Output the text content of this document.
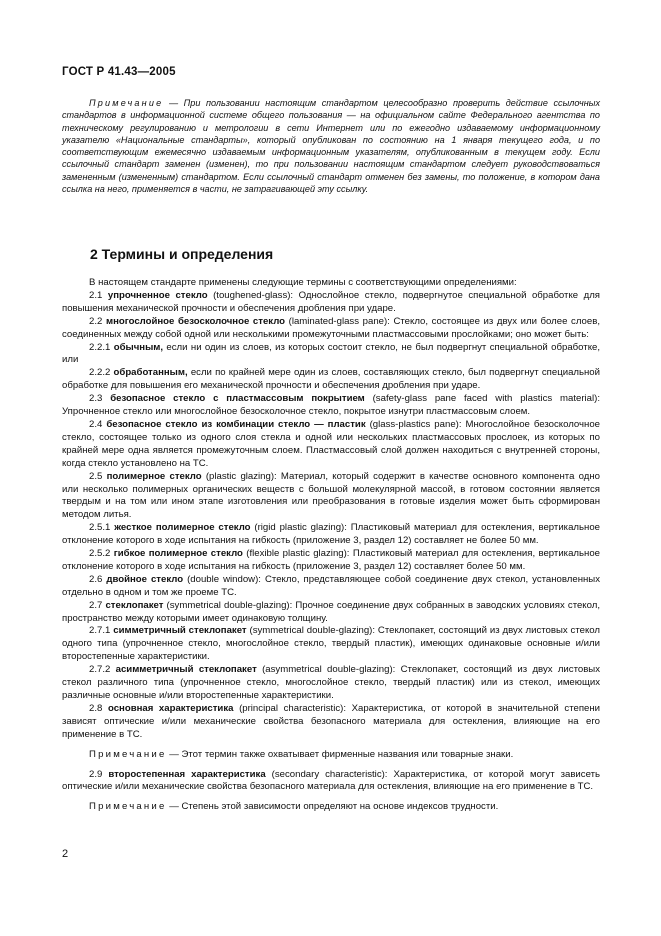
ГОСТ Р 41.43—2005

Примечание — При пользовании настоящим стандартом целесообразно проверить действие ссылочных стандартов в информационной системе общего пользования — на официальном сайте Федерального агентства по техническому регулированию и метрологии в сети Интернет или по ежегодно издаваемому информационному указателю «Национальные стандарты», который опубликован по состоянию на 1 января текущего года, и по соответствующим ежемесячно издаваемым информационным указателям, опубликованным в текущем году. Если ссылочный стандарт заменен (изменен), то при пользовании настоящим стандартом следует руководствоваться замененным (измененным) стандартом. Если ссылочный стандарт отменен без замены, то положение, в котором дана ссылка на него, применяется в части, не затрагивающей эту ссылку.

2 Термины и определения

В настоящем стандарте применены следующие термины с соответствующими определениями:

2.1 упрочненное стекло (toughened-glass): Однослойное стекло, подвергнутое специальной обработке для повышения механической прочности и обеспечения дробления при ударе.

2.2 многослойное безосколочное стекло (laminated-glass pane): Стекло, состоящее из двух или более слоев, соединенных между собой одной или несколькими промежуточными пластмассовыми прослойками; оно может быть:

2.2.1 обычным, если ни один из слоев, из которых состоит стекло, не был подвергнут специальной обработке, или

2.2.2 обработанным, если по крайней мере один из слоев, составляющих стекло, был подвергнут специальной обработке для повышения его механической прочности и обеспечения дробления при ударе.

2.3 безопасное стекло с пластмассовым покрытием (safety-glass pane faced with plastics material): Упрочненное стекло или многослойное безосколочное стекло, покрытое изнутри пластмассовым слоем.

2.4 безопасное стекло из комбинации стекло — пластик (glass-plastics pane): Многослойное безосколочное стекло, состоящее только из одного слоя стекла и одной или нескольких пластмассовых прослоек, из которых по крайней мере одна является промежуточным слоем. Пластмассовый слой должен находиться с внутренней стороны, когда стекло установлено на ТС.

2.5 полимерное стекло (plastic glazing): Материал, который содержит в качестве основного компонента одно или несколько полимерных органических веществ с большой молекулярной массой, в готовом состоянии является твердым и на том или ином этапе изготовления или преобразования в готовые изделия может быть сформирован методом литья.

2.5.1 жесткое полимерное стекло (rigid plastic glazing): Пластиковый материал для остекления, вертикальное отклонение которого в ходе испытания на гибкость (приложение 3, раздел 12) составляет не более 50 мм.

2.5.2 гибкое полимерное стекло (flexible plastic glazing): Пластиковый материал для остекления, вертикальное отклонение которого в ходе испытания на гибкость (приложение 3, раздел 12) составляет более 50 мм.

2.6 двойное стекло (double window): Стекло, представляющее собой соединение двух стекол, установленных отдельно в одном и том же проеме ТС.

2.7 стеклопакет (symmetrical double-glazing): Прочное соединение двух собранных в заводских условиях стекол, пространство между которыми имеет одинаковую толщину.

2.7.1 симметричный стеклопакет (symmetrical double-glazing): Стеклопакет, состоящий из двух листовых стекол одного типа (упрочненное стекло, многослойное стекло, твердый пластик), имеющих одинаковые основные и/или второстепенные характеристики.

2.7.2 асимметричный стеклопакет (asymmetrical double-glazing): Стеклопакет, состоящий из двух листовых стекол различного типа (упрочненное стекло, многослойное стекло, твердый пластик) или из стекол, имеющих различные основные и/или второстепенные характеристики.

2.8 основная характеристика (principal characteristic): Характеристика, от которой в значительной степени зависят оптические и/или механические свойства безопасного материала для остекления, влияющие на его применение в ТС.

Примечание — Этот термин также охватывает фирменные названия или товарные знаки.

2.9 второстепенная характеристика (secondary characteristic): Характеристика, от которой могут зависеть оптические и/или механические свойства безопасного материала для остекления, влияющие на его применение в ТС.

Примечание — Степень этой зависимости определяют на основе индексов трудности.

2
